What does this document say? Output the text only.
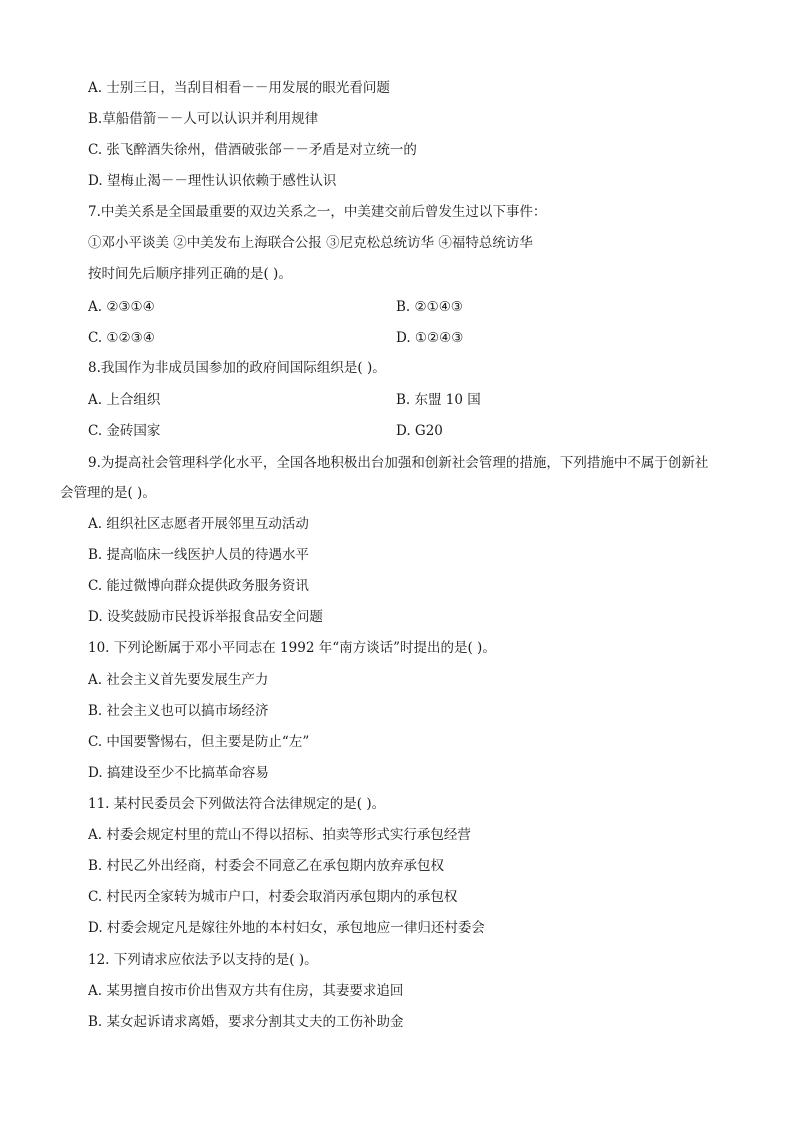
A. 士别三日，当刮目相看－－用发展的眼光看问题
B.草船借箭－－人可以认识并利用规律
C. 张飞醉酒失徐州，借酒破张郃－－矛盾是对立统一的
D. 望梅止渴－－理性认识依赖于感性认识
7.中美关系是全国最重要的双边关系之一，中美建交前后曾发生过以下事件：
①邓小平谈美 ②中美发布上海联合公报 ③尼克松总统访华 ④福特总统访华
按时间先后顺序排列正确的是( )。
A. ②③①④	B. ②①④③
C. ①②③④	D. ①②④③
8.我国作为非成员国参加的政府间国际组织是( )。
A. 上合组织	B. 东盟 10 国
C. 金砖国家	D. G20
9.为提高社会管理科学化水平，全国各地积极出台加强和创新社会管理的措施，下列措施中不属于创新社
会管理的是( )。
A. 组织社区志愿者开展邻里互动活动
B. 提高临床一线医护人员的待遇水平
C. 能过微博向群众提供政务服务资讯
D. 设奖鼓励市民投诉举报食品安全问题
10. 下列论断属于邓小平同志在 1992 年“南方谈话”时提出的是( )。
A. 社会主义首先要发展生产力
B. 社会主义也可以搞市场经济
C. 中国要警惕右，但主要是防止“左”
D. 搞建设至少不比搞革命容易
11. 某村民委员会下列做法符合法律规定的是( )。
A. 村委会规定村里的荒山不得以招标、拍卖等形式实行承包经营
B. 村民乙外出经商，村委会不同意乙在承包期内放弃承包权
C. 村民丙全家转为城市户口，村委会取消丙承包期内的承包权
D. 村委会规定凡是嫁往外地的本村妇女，承包地应一律归还村委会
12. 下列请求应依法予以支持的是( )。
A. 某男擅自按市价出售双方共有住房，其妻要求追回
B. 某女起诉请求离婚，要求分割其丈夫的工伤补助金
